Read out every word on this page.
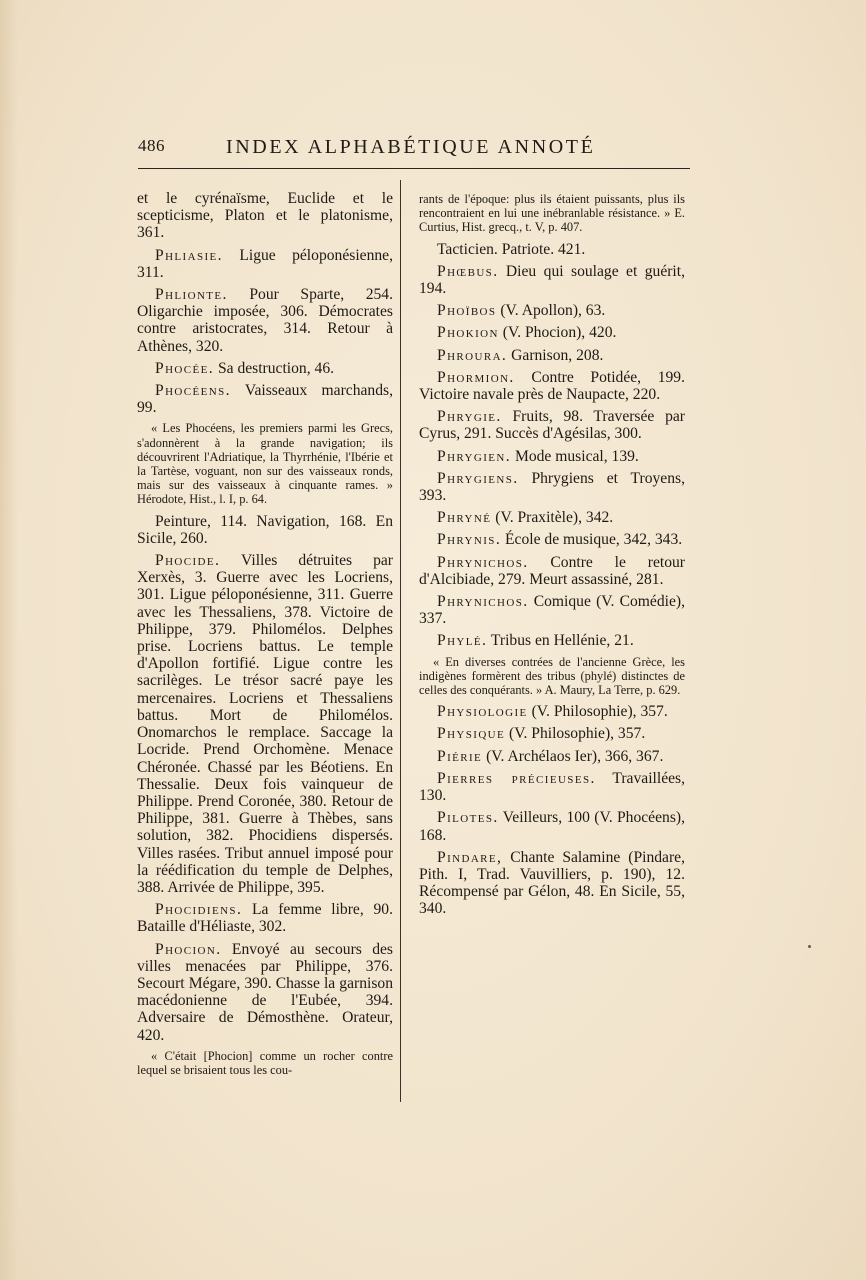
486	INDEX ALPHABÉTIQUE ANNOTÉ

et le cyrénaïsme, Euclide et le scepticisme, Platon et le platonisme, 361.

Phliasie. Ligue péloponésienne, 311.

Phlionte. Pour Sparte, 254. Oligarchie imposée, 306. Démocrates contre aristocrates, 314. Retour à Athènes, 320.

Phocée. Sa destruction, 46.

Phocéens. Vaisseaux marchands, 99.

« Les Phocéens, les premiers parmi les Grecs, s'adonnèrent à la grande navigation; ils découvrirent l'Adriatique, la Thyrrhénie, l'Ibérie et la Tartèse, voguant, non sur des vaisseaux ronds, mais sur des vaisseaux à cinquante rames. » Hérodote, Hist., l. I, p. 64.

Peinture, 114. Navigation, 168. En Sicile, 260.

Phocide. Villes détruites par Xerxès, 3. Guerre avec les Locriens, 301. Ligue péloponésienne, 311. Guerre avec les Thessaliens, 378. Victoire de Philippe, 379. Philomélos. Delphes prise. Locriens battus. Le temple d'Apollon fortifié. Ligue contre les sacrilèges. Le trésor sacré paye les mercenaires. Locriens et Thessaliens battus. Mort de Philomélos. Onomarchos le remplace. Saccage la Locride. Prend Orchomène. Menace Chéronée. Chassé par les Béotiens. En Thessalie. Deux fois vainqueur de Philippe. Prend Coronée, 380. Retour de Philippe, 381. Guerre à Thèbes, sans solution, 382. Phocidiens dispersés. Villes rasées. Tribut annuel imposé pour la réédification du temple de Delphes, 388. Arrivée de Philippe, 395.

Phocidiens. La femme libre, 90. Bataille d'Héliaste, 302.

Phocion. Envoyé au secours des villes menacées par Philippe, 376. Secourt Mégare, 390. Chasse la garnison macédonienne de l'Eubée, 394. Adversaire de Démosthène. Orateur, 420.

« C'était [Phocion] comme un rocher contre lequel se brisaient tous les cou-

rants de l'époque: plus ils étaient puissants, plus ils rencontraient en lui une inébranlable résistance. » E. Curtius, Hist. grecq., t. V, p. 407.

Tacticien. Patriote. 421.

Phœbus. Dieu qui soulage et guérit, 194.

Phoïbos (V. Apollon), 63.

Phokion (V. Phocion), 420.

Phroura. Garnison, 208.

Phormion. Contre Potidée, 199. Victoire navale près de Naupacte, 220.

Phrygie. Fruits, 98. Traversée par Cyrus, 291. Succès d'Agésilas, 300.

Phrygien. Mode musical, 139.

Phrygiens. Phrygiens et Troyens, 393.

Phryné (V. Praxitèle), 342.

Phrynis. École de musique, 342, 343.

Phrynichos. Contre le retour d'Alcibiade, 279. Meurt assassiné, 281.

Phrynichos. Comique (V. Comédie), 337.

Phylé. Tribus en Hellénie, 21.

« En diverses contrées de l'ancienne Grèce, les indigènes formèrent des tribus (phylé) distinctes de celles des conquérants. » A. Maury, La Terre, p. 629.

Physiologie (V. Philosophie), 357.

Physique (V. Philosophie), 357.

Piérie (V. Archélaos Ier), 366, 367.

Pierres précieuses. Travaillées, 130.

Pilotes. Veilleurs, 100 (V. Phocéens), 168.

Pindare, Chante Salamine (Pindare, Pith. I, Trad. Vauvilliers, p. 190), 12. Récompensé par Gélon, 48. En Sicile, 55, 340.
